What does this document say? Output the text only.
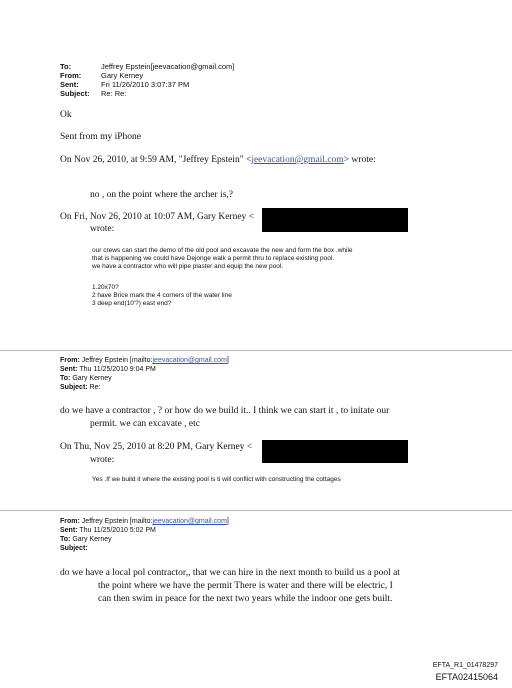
To:	Jeffrey Epstein[jeevacation@gmail.com]
From:	Gary Kerney
Sent:	Fri 11/26/2010 3:07:37 PM
Subject: Re: Re:
Ok
Sent from my iPhone
On Nov 26, 2010, at 9:59 AM, "Jeffrey Epstein" <jeevacation@gmail.com> wrote:
no , on the point where the archer is,?
On Fri, Nov 26, 2010 at 10:07 AM, Gary Kerney <
wrote:
our crews can start the demo of the old pool and excavate the new and form the box .while
that is happening we could have Dejonge walk a permit thru to replace existing pool.
we have a contractor who will pipe plaster and equip the new pool.
1.20x70?
2 have Brice mark the 4 corners of the water line
3 deep end(10'?) east end?
From: Jeffrey Epstein [mailto:jeevacation@gmail.com]
Sent: Thu 11/25/2010 9:04 PM
To: Gary Kerney
Subject: Re:
do we have a contractor , ? or how do we build it.. I think we can start it , to initate our
permit. we can excavate , etc
On Thu, Nov 25, 2010 at 8:20 PM, Gary Kerney <
wrote:
Yes .If we build it where the existing pool is ti will conflict with constructing the cottages
From: Jeffrey Epstein [mailto:jeevacation@gmail.com]
Sent: Thu 11/25/2010 5:02 PM
To: Gary Kerney
Subject:
do we have a local pol contractor,, that we can hire in the next month to build us a pool at
the point where we have the permit There is water and there will be electric, I
can then swim in peace for the next two years while the indoor one gets built.
EFTA_R1_01478297
EFTA02415064
